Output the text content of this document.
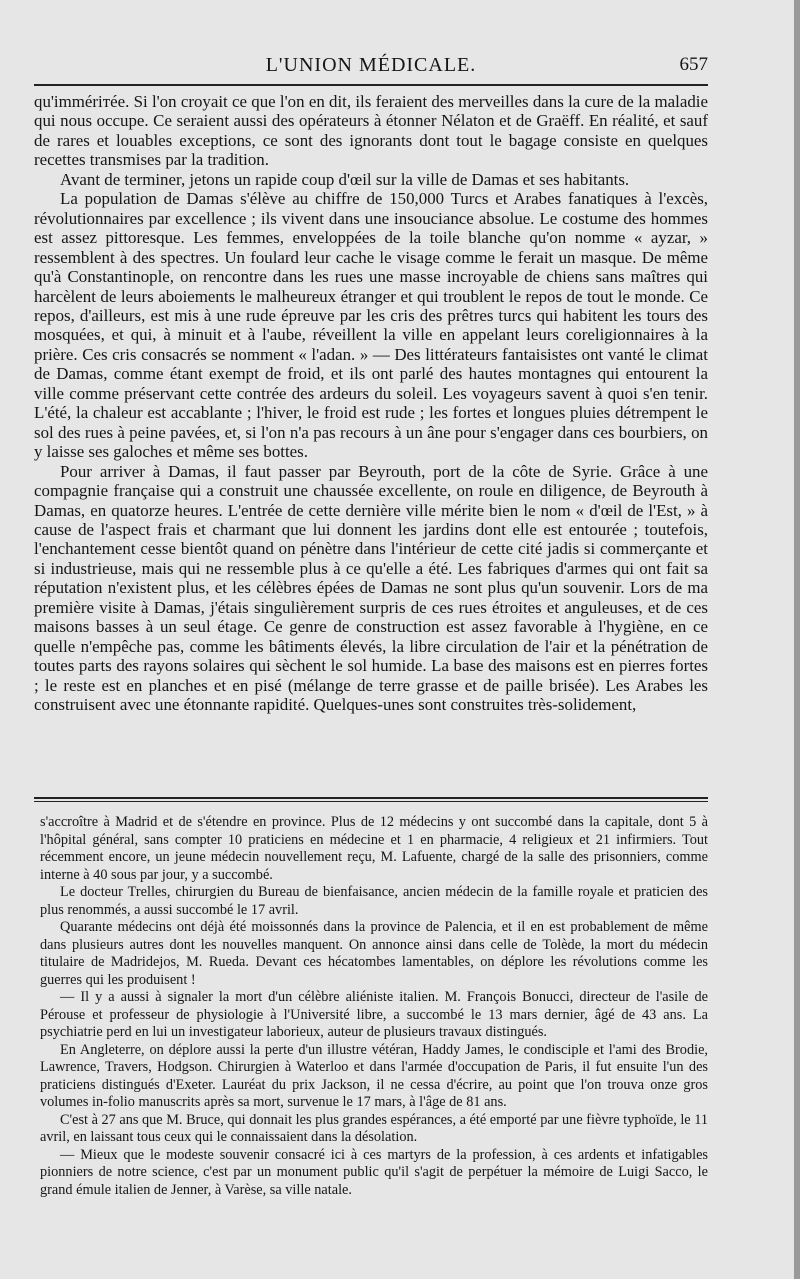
L'UNION MÉDICALE.	657

qu'immérітée. Si l'on croyait ce que l'on en dit, ils feraient des merveilles dans la cure de la maladie qui nous occupe. Ce seraient aussi des opérateurs à étonner Nélaton et de Graëff. En réalité, et sauf de rares et louables exceptions, ce sont des ignorants dont tout le bagage consiste en quelques recettes transmises par la tradition.

Avant de terminer, jetons un rapide coup d'œil sur la ville de Damas et ses habitants.

La population de Damas s'élève au chiffre de 150,000 Turcs et Arabes fanatiques à l'excès, révolutionnaires par excellence ; ils vivent dans une insouciance absolue. Le costume des hommes est assez pittoresque. Les femmes, enveloppées de la toile blanche qu'on nomme « ayzar, » ressemblent à des spectres. Un foulard leur cache le visage comme le ferait un masque. De même qu'à Constantinople, on rencontre dans les rues une masse incroyable de chiens sans maîtres qui harcèlent de leurs aboiements le malheureux étranger et qui troublent le repos de tout le monde. Ce repos, d'ailleurs, est mis à une rude épreuve par les cris des prêtres turcs qui habitent les tours des mosquées, et qui, à minuit et à l'aube, réveillent la ville en appelant leurs coreligionnaires à la prière. Ces cris consacrés se nomment « l'adan. » — Des littérateurs fantaisistes ont vanté le climat de Damas, comme étant exempt de froid, et ils ont parlé des hautes montagnes qui entourent la ville comme préservant cette contrée des ardeurs du soleil. Les voyageurs savent à quoi s'en tenir. L'été, la chaleur est accablante ; l'hiver, le froid est rude ; les fortes et longues pluies détrempent le sol des rues à peine pavées, et, si l'on n'a pas recours à un âne pour s'engager dans ces bourbiers, on y laisse ses galoches et même ses bottes.

Pour arriver à Damas, il faut passer par Beyrouth, port de la côte de Syrie. Grâce à une compagnie française qui a construit une chaussée excellente, on roule en diligence, de Beyrouth à Damas, en quatorze heures. L'entrée de cette dernière ville mérite bien le nom « d'œil de l'Est, » à cause de l'aspect frais et charmant que lui donnent les jardins dont elle est entourée ; toutefois, l'enchantement cesse bientôt quand on pénètre dans l'intérieur de cette cité jadis si commerçante et si industrieuse, mais qui ne ressemble plus à ce qu'elle a été. Les fabriques d'armes qui ont fait sa réputation n'existent plus, et les célèbres épées de Damas ne sont plus qu'un souvenir. Lors de ma première visite à Damas, j'étais singulièrement surpris de ces rues étroites et anguleuses, et de ces maisons basses à un seul étage. Ce genre de construction est assez favorable à l'hygiène, en ce quelle n'empêche pas, comme les bâtiments élevés, la libre circulation de l'air et la pénétration de toutes parts des rayons solaires qui sèchent le sol humide. La base des maisons est en pierres fortes ; le reste est en planches et en pisé (mélange de terre grasse et de paille brisée). Les Arabes les construisent avec une étonnante rapidité. Quelques-unes sont construites très-solidement,

s'accroître à Madrid et de s'étendre en province. Plus de 12 médecins y ont succombé dans la capitale, dont 5 à l'hôpital général, sans compter 10 praticiens en médecine et 1 en pharmacie, 4 religieux et 21 infirmiers. Tout récemment encore, un jeune médecin nouvellement reçu, M. Lafuente, chargé de la salle des prisonniers, comme interne à 40 sous par jour, y a succombé.

Le docteur Trelles, chirurgien du Bureau de bienfaisance, ancien médecin de la famille royale et praticien des plus renommés, a aussi succombé le 17 avril.

Quarante médecins ont déjà été moissonnés dans la province de Palencia, et il en est probablement de même dans plusieurs autres dont les nouvelles manquent. On annonce ainsi dans celle de Tolède, la mort du médecin titulaire de Madridejos, M. Rueda. Devant ces hécatombes lamentables, on déplore les révolutions comme les guerres qui les produisent !

— Il y a aussi à signaler la mort d'un célèbre aliéniste italien. M. François Bonucci, directeur de l'asile de Pérouse et professeur de physiologie à l'Université libre, a succombé le 13 mars dernier, âgé de 43 ans. La psychiatrie perd en lui un investigateur laborieux, auteur de plusieurs travaux distingués.

En Angleterre, on déplore aussi la perte d'un illustre vétéran, Haddy James, le condisciple et l'ami des Brodie, Lawrence, Travers, Hodgson. Chirurgien à Waterloo et dans l'armée d'occupation de Paris, il fut ensuite l'un des praticiens distingués d'Exeter. Lauréat du prix Jackson, il ne cessa d'écrire, au point que l'on trouva onze gros volumes in-folio manuscrits après sa mort, survenue le 17 mars, à l'âge de 81 ans.

C'est à 27 ans que M. Bruce, qui donnait les plus grandes espérances, a été emporté par une fièvre typhoïde, le 11 avril, en laissant tous ceux qui le connaissaient dans la désolation.

— Mieux que le modeste souvenir consacré ici à ces martyrs de la profession, à ces ardents et infatigables pionniers de notre science, c'est par un monument public qu'il s'agit de perpétuer la mémoire de Luigi Sacco, le grand émule italien de Jenner, à Varèse, sa ville natale.
